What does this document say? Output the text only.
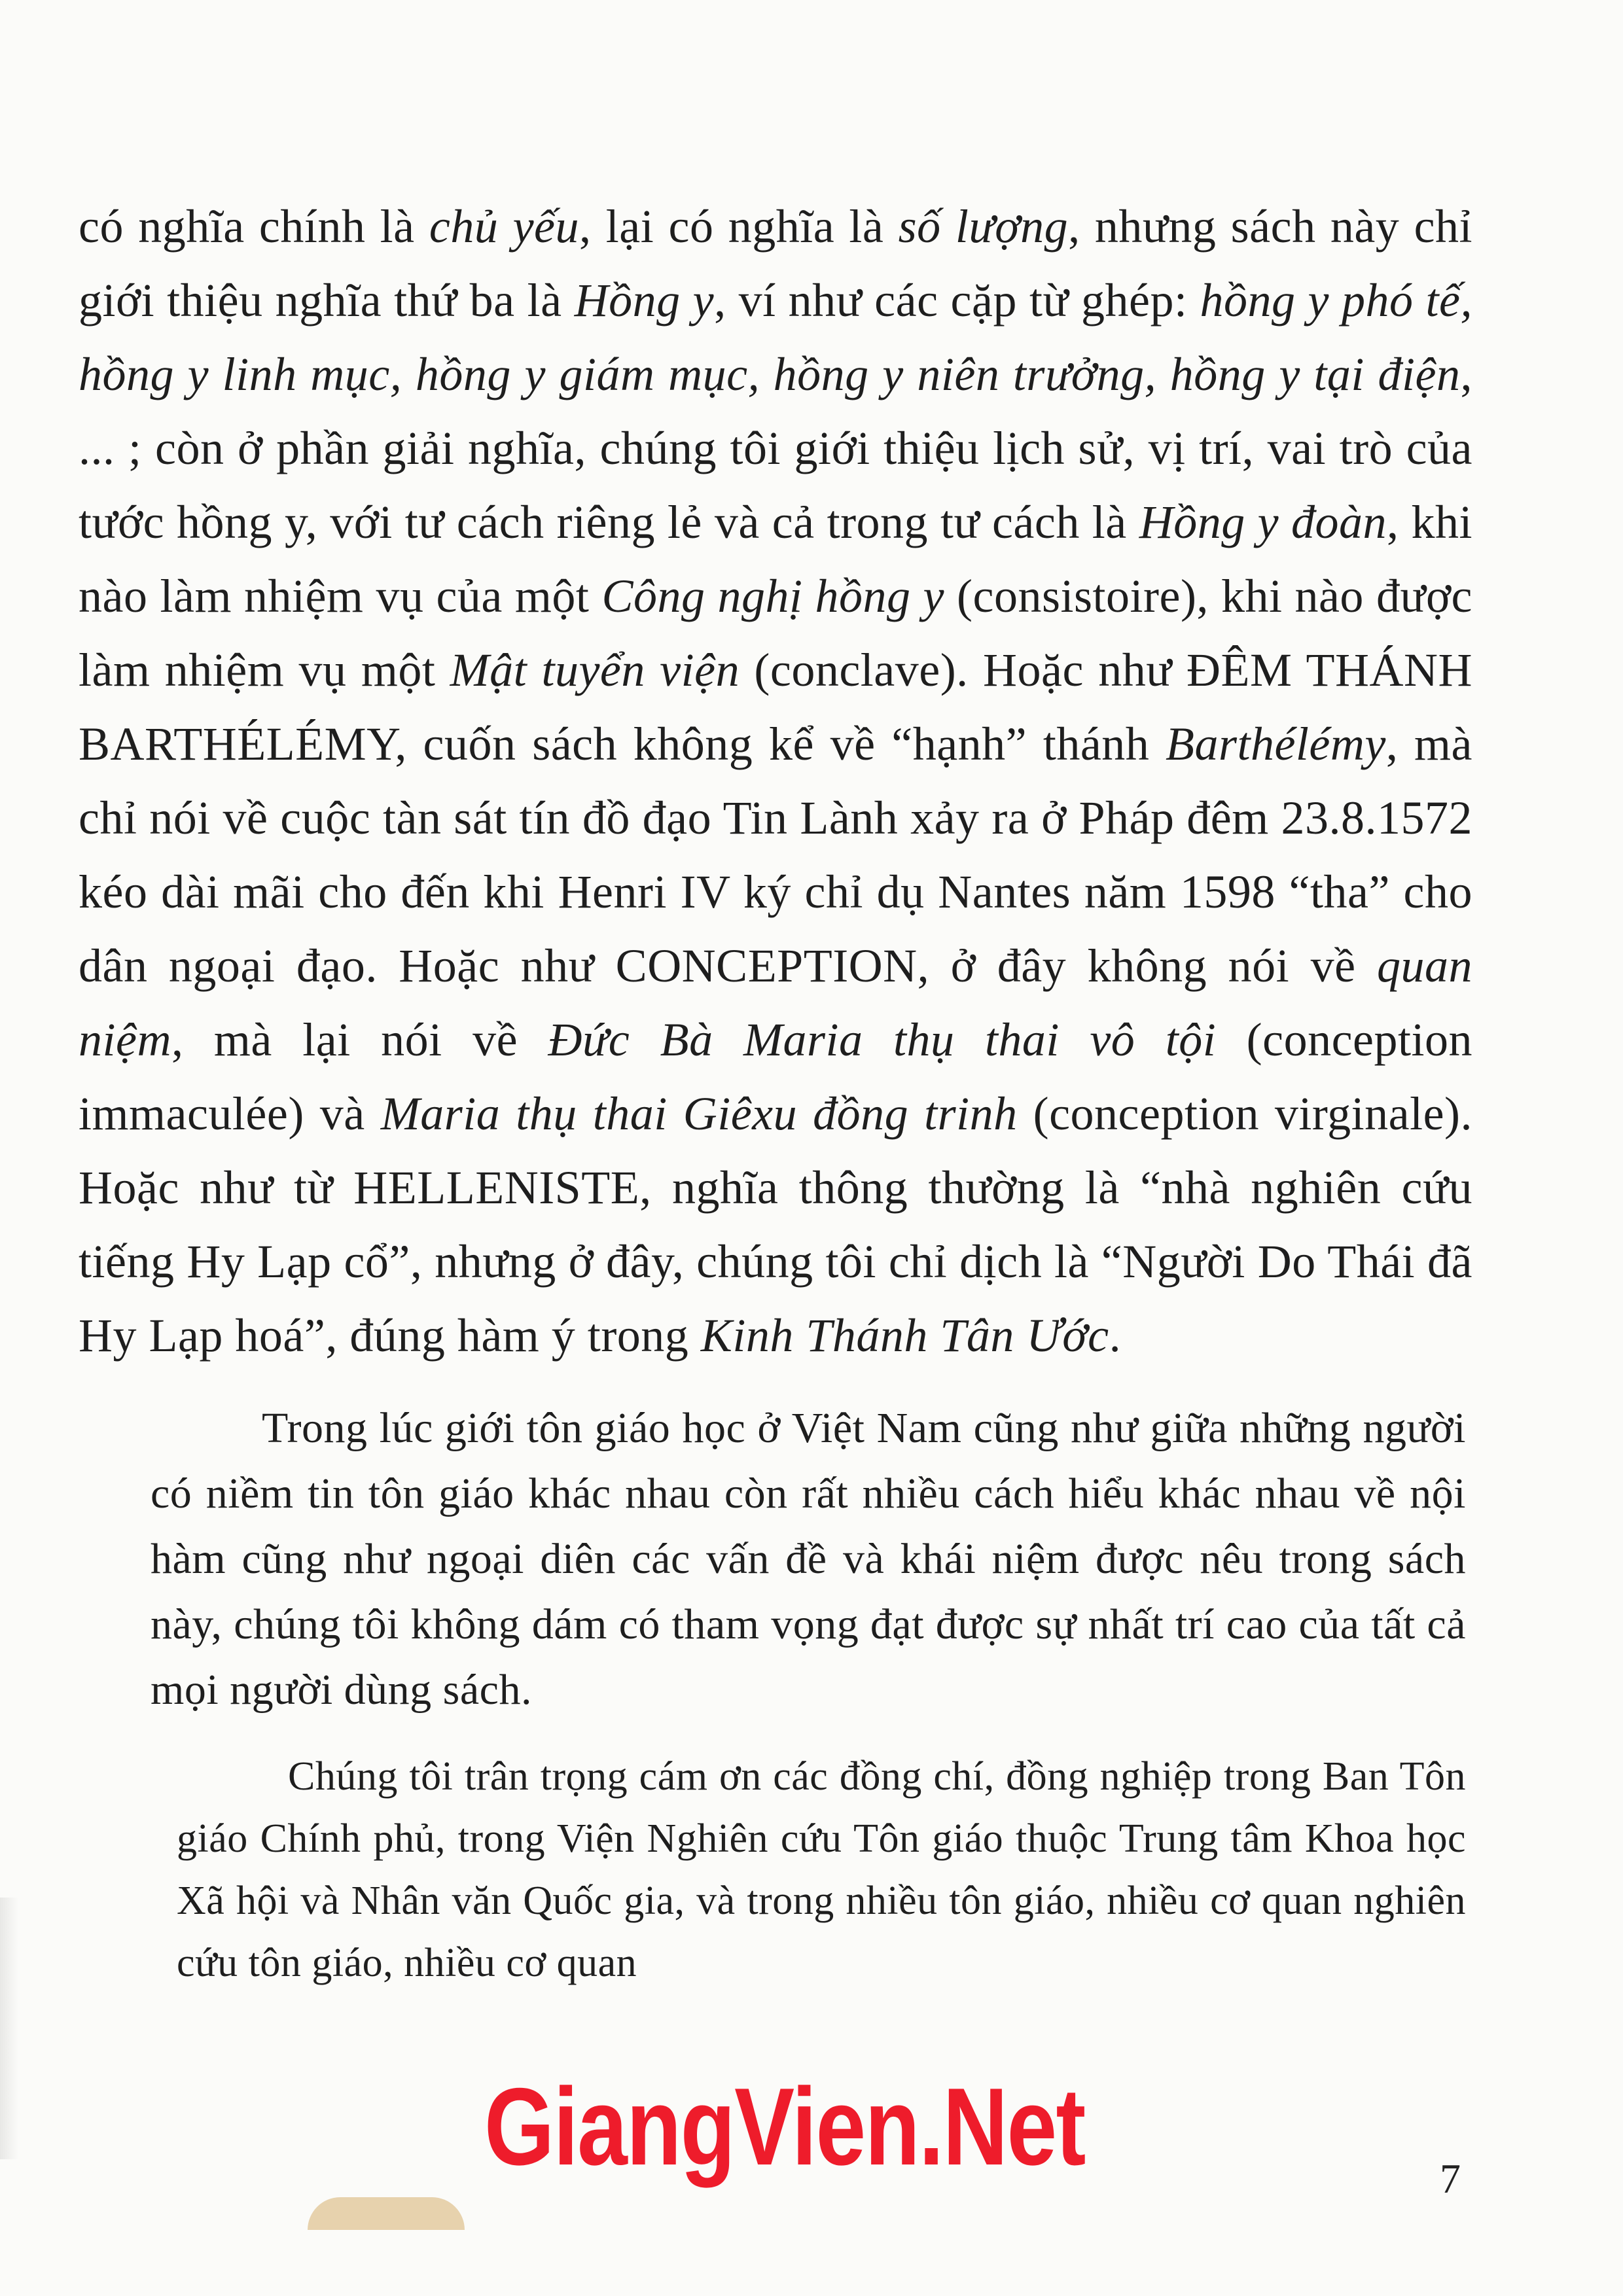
có nghĩa chính là chủ yếu, lại có nghĩa là số lượng, nhưng sách này chỉ giới thiệu nghĩa thứ ba là Hồng y, ví như các cặp từ ghép: hồng y phó tế, hồng y linh mục, hồng y giám mục, hồng y niên trưởng, hồng y tại điện, ... ; còn ở phần giải nghĩa, chúng tôi giới thiệu lịch sử, vị trí, vai trò của tước hồng y, với tư cách riêng lẻ và cả trong tư cách là Hồng y đoàn, khi nào làm nhiệm vụ của một Công nghị hồng y (consistoire), khi nào được làm nhiệm vụ một Mật tuyển viện (conclave). Hoặc như ĐÊM THÁNH BARTHÉLÉMY, cuốn sách không kể về “hạnh” thánh Barthélémy, mà chỉ nói về cuộc tàn sát tín đồ đạo Tin Lành xảy ra ở Pháp đêm 23.8.1572 kéo dài mãi cho đến khi Henri IV ký chỉ dụ Nantes năm 1598 “tha” cho dân ngoại đạo. Hoặc như CONCEPTION, ở đây không nói về quan niệm, mà lại nói về Đức Bà Maria thụ thai vô tội (conception immaculée) và Maria thụ thai Giêxu đồng trinh (conception virginale). Hoặc như từ HELLENISTE, nghĩa thông thường là “nhà nghiên cứu tiếng Hy Lạp cổ”, nhưng ở đây, chúng tôi chỉ dịch là “Người Do Thái đã Hy Lạp hoá”, đúng hàm ý trong Kinh Thánh Tân Ước.

Trong lúc giới tôn giáo học ở Việt Nam cũng như giữa những người có niềm tin tôn giáo khác nhau còn rất nhiều cách hiểu khác nhau về nội hàm cũng như ngoại diên các vấn đề và khái niệm được nêu trong sách này, chúng tôi không dám có tham vọng đạt được sự nhất trí cao của tất cả mọi người dùng sách.

Chúng tôi trân trọng cám ơn các đồng chí, đồng nghiệp trong Ban Tôn giáo Chính phủ, trong Viện Nghiên cứu Tôn giáo thuộc Trung tâm Khoa học Xã hội và Nhân văn Quốc gia, và trong nhiều tôn giáo, nhiều cơ quan nghiên cứu tôn giáo, nhiều cơ quan

GiangVien.Net	7
